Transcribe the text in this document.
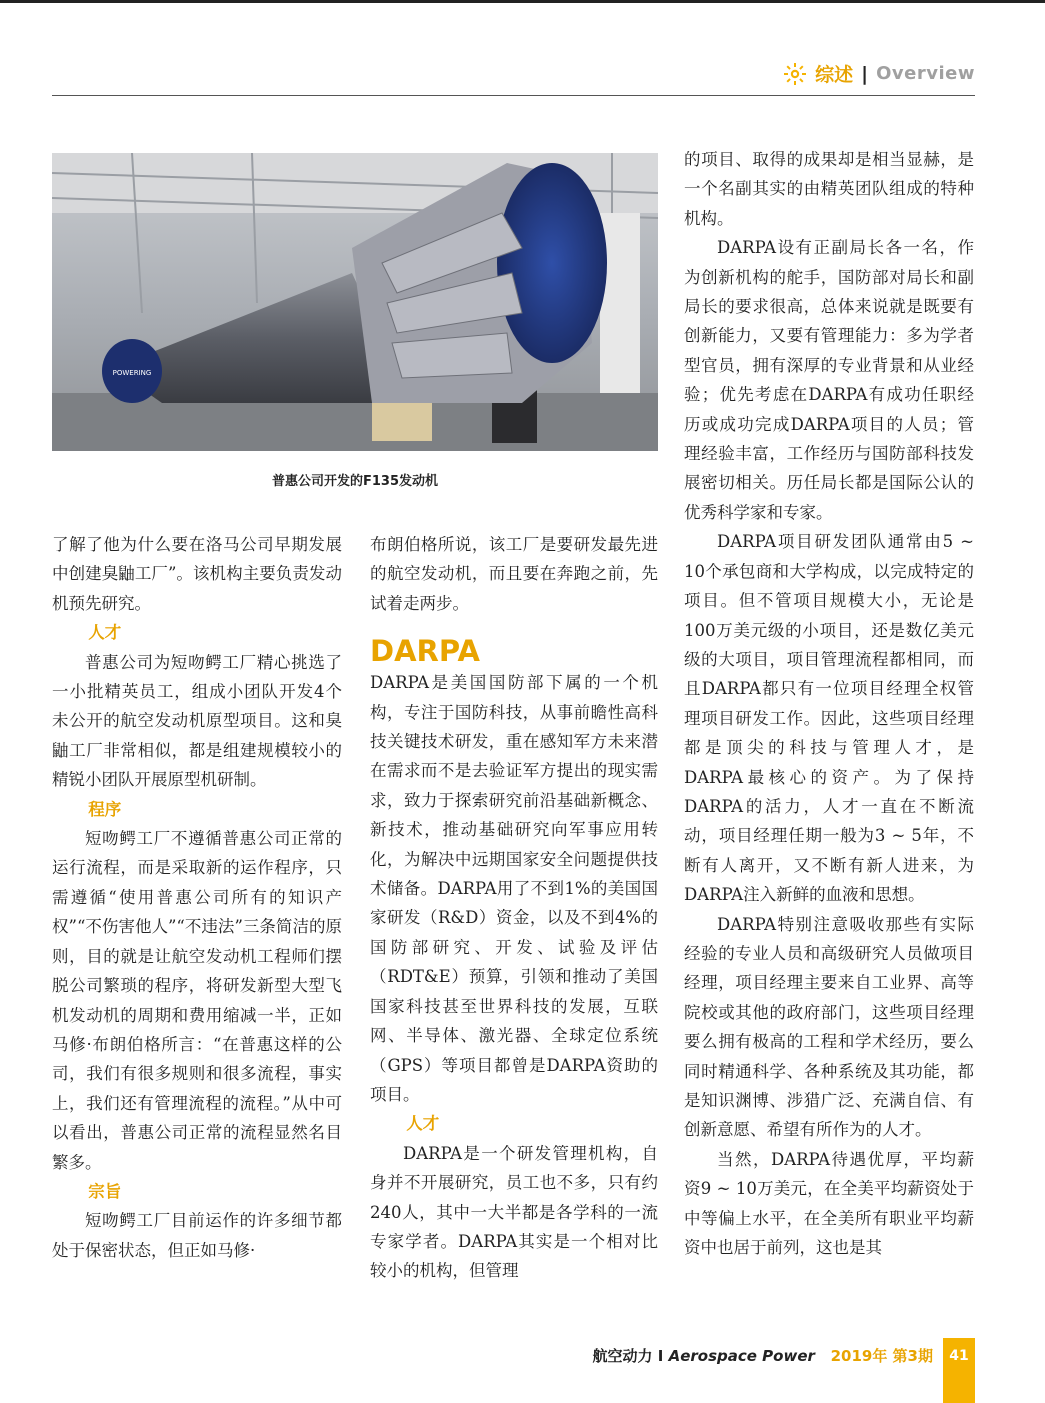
综述 | Overview
POWERING
普惠公司开发的F135发动机

了解了他为什么要在洛马公司早期发展中创建臭鼬工厂”。该机构主要负责发动机预先研究。

人才

普惠公司为短吻鳄工厂精心挑选了一小批精英员工，组成小团队开发4个未公开的航空发动机原型项目。这和臭鼬工厂非常相似，都是组建规模较小的精锐小团队开展原型机研制。

程序

短吻鳄工厂不遵循普惠公司正常的运行流程，而是采取新的运作程序，只需遵循“使用普惠公司所有的知识产权”“不伤害他人”“不违法”三条简洁的原则，目的就是让航空发动机工程师们摆脱公司繁琐的程序，将研发新型大型飞机发动机的周期和费用缩减一半，正如马修·布朗伯格所言：“在普惠这样的公司，我们有很多规则和很多流程，事实上，我们还有管理流程的流程。”从中可以看出，普惠公司正常的流程显然名目繁多。

宗旨

短吻鳄工厂目前运作的许多细节都处于保密状态，但正如马修·

布朗伯格所说，该工厂是要研发最先进的航空发动机，而且要在奔跑之前，先试着走两步。

DARPA

DARPA是美国国防部下属的一个机构，专注于国防科技，从事前瞻性高科技关键技术研发，重在感知军方未来潜在需求而不是去验证军方提出的现实需求，致力于探索研究前沿基础新概念、新技术，推动基础研究向军事应用转化，为解决中远期国家安全问题提供技术储备。DARPA用了不到1%的美国国家研发（R&D）资金，以及不到4%的国防部研究、开发、试验及评估（RDT&E）预算，引领和推动了美国国家科技甚至世界科技的发展，互联网、半导体、激光器、全球定位系统（GPS）等项目都曾是DARPA资助的项目。

人才

DARPA是一个研发管理机构，自身并不开展研究，员工也不多，只有约240人，其中一大半都是各学科的一流专家学者。DARPA其实是一个相对比较小的机构，但管理

的项目、取得的成果却是相当显赫，是一个名副其实的由精英团队组成的特种机构。

DARPA设有正副局长各一名，作为创新机构的舵手，国防部对局长和副局长的要求很高，总体来说就是既要有创新能力，又要有管理能力：多为学者型官员，拥有深厚的专业背景和从业经验；优先考虑在DARPA有成功任职经历或成功完成DARPA项目的人员；管理经验丰富，工作经历与国防部科技发展密切相关。历任局长都是国际公认的优秀科学家和专家。

DARPA项目研发团队通常由5 ~ 10个承包商和大学构成，以完成特定的项目。但不管项目规模大小，无论是100万美元级的小项目，还是数亿美元级的大项目，项目管理流程都相同，而且DARPA都只有一位项目经理全权管理项目研发工作。因此，这些项目经理都是顶尖的科技与管理人才，是DARPA最核心的资产。为了保持DARPA的活力，人才一直在不断流动，项目经理任期一般为3 ~ 5年，不断有人离开，又不断有新人进来，为DARPA注入新鲜的血液和思想。

DARPA特别注意吸收那些有实际经验的专业人员和高级研究人员做项目经理，项目经理主要来自工业界、高等院校或其他的政府部门，这些项目经理要么拥有极高的工程和学术经历，要么同时精通科学、各种系统及其功能，都是知识渊博、涉猎广泛、充满自信、有创新意愿、希望有所作为的人才。

当然，DARPA待遇优厚，平均薪资9 ~ 10万美元，在全美平均薪资处于中等偏上水平，在全美所有职业平均薪资中也居于前列，这也是其

航空动力 I Aerospace Power 2019年 第3期	41
